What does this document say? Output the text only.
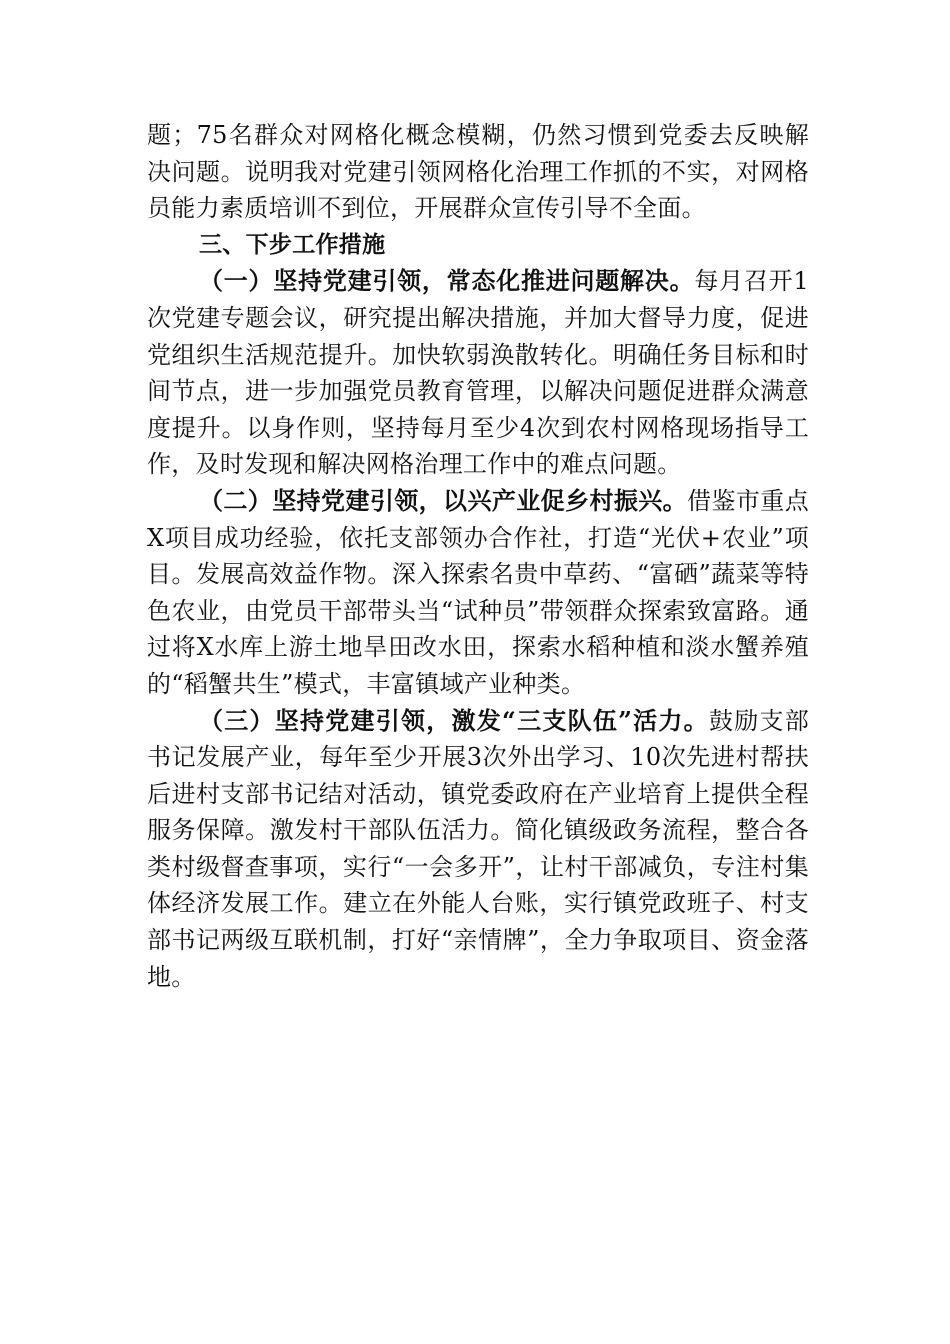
题；75名群众对网格化概念模糊，仍然习惯到党委去反映解决问题。说明我对党建引领网格化治理工作抓的不实，对网格员能力素质培训不到位，开展群众宣传引导不全面。

三、下步工作措施

（一）坚持党建引领，常态化推进问题解决。每月召开1次党建专题会议，研究提出解决措施，并加大督导力度，促进党组织生活规范提升。加快软弱涣散转化。明确任务目标和时间节点，进一步加强党员教育管理，以解决问题促进群众满意度提升。以身作则，坚持每月至少4次到农村网格现场指导工作，及时发现和解决网格治理工作中的难点问题。

（二）坚持党建引领，以兴产业促乡村振兴。借鉴市重点X项目成功经验，依托支部领办合作社，打造“光伏+农业”项目。发展高效益作物。深入探索名贵中草药、“富硒”蔬菜等特色农业，由党员干部带头当“试种员”带领群众探索致富路。通过将X水库上游土地旱田改水田，探索水稻种植和淡水蟹养殖的“稻蟹共生”模式，丰富镇域产业种类。

（三）坚持党建引领，激发“三支队伍”活力。鼓励支部书记发展产业，每年至少开展3次外出学习、10次先进村帮扶后进村支部书记结对活动，镇党委政府在产业培育上提供全程服务保障。激发村干部队伍活力。简化镇级政务流程，整合各类村级督查事项，实行“一会多开”，让村干部减负，专注村集体经济发展工作。建立在外能人台账，实行镇党政班子、村支部书记两级互联机制，打好“亲情牌”，全力争取项目、资金落地。
